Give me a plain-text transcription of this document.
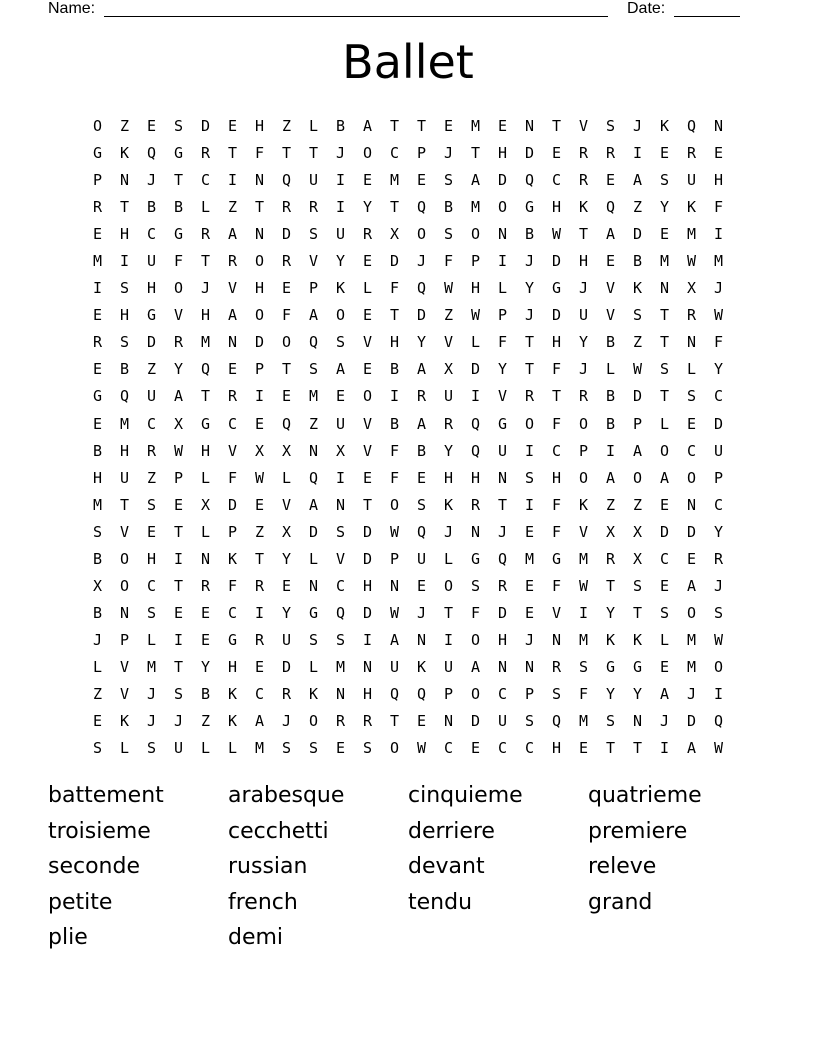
Name:	Date:
Ballet
O	Z	E	S	D	E	H	Z	L	B	A	T	T	E	M	E	N	T	V	S	J	K	Q	N
G	K	Q	G	R	T	F	T	T	J	O	C	P	J	T	H	D	E	R	R	I	E	R	E
P	N	J	T	C	I	N	Q	U	I	E	M	E	S	A	D	Q	C	R	E	A	S	U	H
R	T	B	B	L	Z	T	R	R	I	Y	T	Q	B	M	O	G	H	K	Q	Z	Y	K	F
E	H	C	G	R	A	N	D	S	U	R	X	O	S	O	N	B	W	T	A	D	E	M	I
M	I	U	F	T	R	O	R	V	Y	E	D	J	F	P	I	J	D	H	E	B	M	W	M
I	S	H	O	J	V	H	E	P	K	L	F	Q	W	H	L	Y	G	J	V	K	N	X	J
E	H	G	V	H	A	O	F	A	O	E	T	D	Z	W	P	J	D	U	V	S	T	R	W
R	S	D	R	M	N	D	O	Q	S	V	H	Y	V	L	F	T	H	Y	B	Z	T	N	F
E	B	Z	Y	Q	E	P	T	S	A	E	B	A	X	D	Y	T	F	J	L	W	S	L	Y
G	Q	U	A	T	R	I	E	M	E	O	I	R	U	I	V	R	T	R	B	D	T	S	C
E	M	C	X	G	C	E	Q	Z	U	V	B	A	R	Q	G	O	F	O	B	P	L	E	D
B	H	R	W	H	V	X	X	N	X	V	F	B	Y	Q	U	I	C	P	I	A	O	C	U
H	U	Z	P	L	F	W	L	Q	I	E	F	E	H	H	N	S	H	O	A	O	A	O	P
M	T	S	E	X	D	E	V	A	N	T	O	S	K	R	T	I	F	K	Z	Z	E	N	C
S	V	E	T	L	P	Z	X	D	S	D	W	Q	J	N	J	E	F	V	X	X	D	D	Y
B	O	H	I	N	K	T	Y	L	V	D	P	U	L	G	Q	M	G	M	R	X	C	E	R
X	O	C	T	R	F	R	E	N	C	H	N	E	O	S	R	E	F	W	T	S	E	A	J
B	N	S	E	E	C	I	Y	G	Q	D	W	J	T	F	D	E	V	I	Y	T	S	O	S
J	P	L	I	E	G	R	U	S	S	I	A	N	I	O	H	J	N	M	K	K	L	M	W
L	V	M	T	Y	H	E	D	L	M	N	U	K	U	A	N	N	R	S	G	G	E	M	O
Z	V	J	S	B	K	C	R	K	N	H	Q	Q	P	O	C	P	S	F	Y	Y	A	J	I
E	K	J	J	Z	K	A	J	O	R	R	T	E	N	D	U	S	Q	M	S	N	J	D	Q
S	L	S	U	L	L	M	S	S	E	S	O	W	C	E	C	C	H	E	T	T	I	A	W
battement	arabesque	cinquieme	quatrieme
troisieme	cecchetti	derriere	premiere
seconde	russian	devant	releve
petite	french	tendu	grand
plie	demi
